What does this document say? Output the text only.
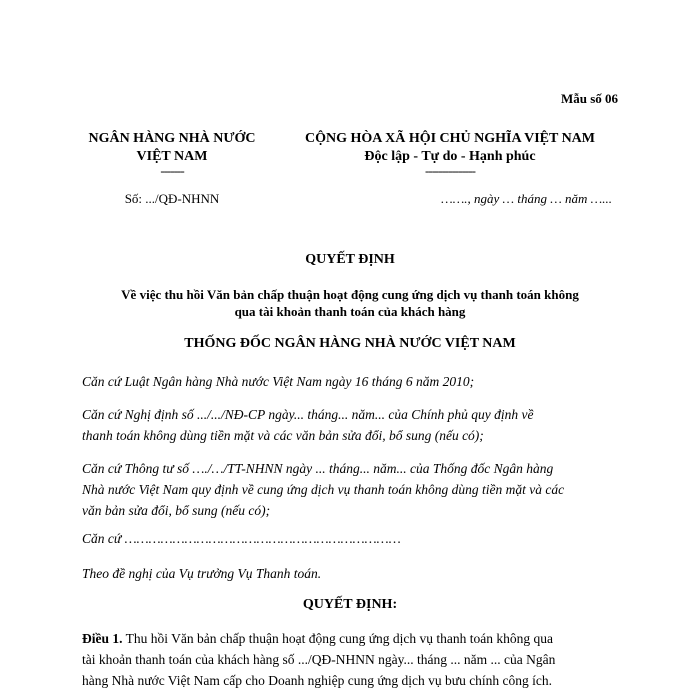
Mẫu số 06
NGÂN HÀNG NHÀ NƯỚC
VIỆT NAM
-------
Số: .../QĐ-NHNN
CỘNG HÒA XÃ HỘI CHỦ NGHĨA VIỆT NAM
Độc lập - Tự do - Hạnh phúc
---------------
……., ngày … tháng … năm …...
QUYẾT ĐỊNH
Về việc thu hồi Văn bản chấp thuận hoạt động cung ứng dịch vụ thanh toán không
qua tài khoản thanh toán của khách hàng
THỐNG ĐỐC NGÂN HÀNG NHÀ NƯỚC VIỆT NAM
Căn cứ Luật Ngân hàng Nhà nước Việt Nam ngày 16 tháng 6 năm 2010;
Căn cứ Nghị định số .../.../NĐ-CP ngày... tháng... năm... của Chính phủ quy định về
thanh toán không dùng tiền mặt và các văn bản sửa đổi, bổ sung (nếu có);
Căn cứ Thông tư số …./…/TT-NHNN ngày ... tháng... năm... của Thống đốc Ngân hàng
Nhà nước Việt Nam quy định về cung ứng dịch vụ thanh toán không dùng tiền mặt và các
văn bản sửa đổi, bổ sung (nếu có);
Căn cứ ……………………………………………………………
Theo đề nghị của Vụ trưởng Vụ Thanh toán.
QUYẾT ĐỊNH:
Điều 1. Thu hồi Văn bản chấp thuận hoạt động cung ứng dịch vụ thanh toán không qua
tài khoản thanh toán của khách hàng số .../QĐ-NHNN ngày... tháng ... năm ... của Ngân
hàng Nhà nước Việt Nam cấp cho Doanh nghiệp cung ứng dịch vụ bưu chính công ích.
